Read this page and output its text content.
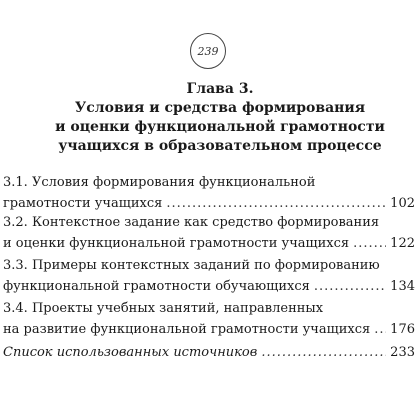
239
Глава 3.
Условия и средства формирования
и оценки функциональной грамотности
учащихся в образовательном процессе
3.1. Условия формирования функциональной
грамотности учащихся .....	102
3.2. Контекстное задание как средство формирования
и оценки функциональной грамотности учащихся .....	122
3.3. Примеры контекстных заданий по формированию
функциональной грамотности обучающихся .....	134
3.4. Проекты учебных занятий, направленных
на развитие функциональной грамотности учащихся ..... 176
Список использованных источников .....	233
